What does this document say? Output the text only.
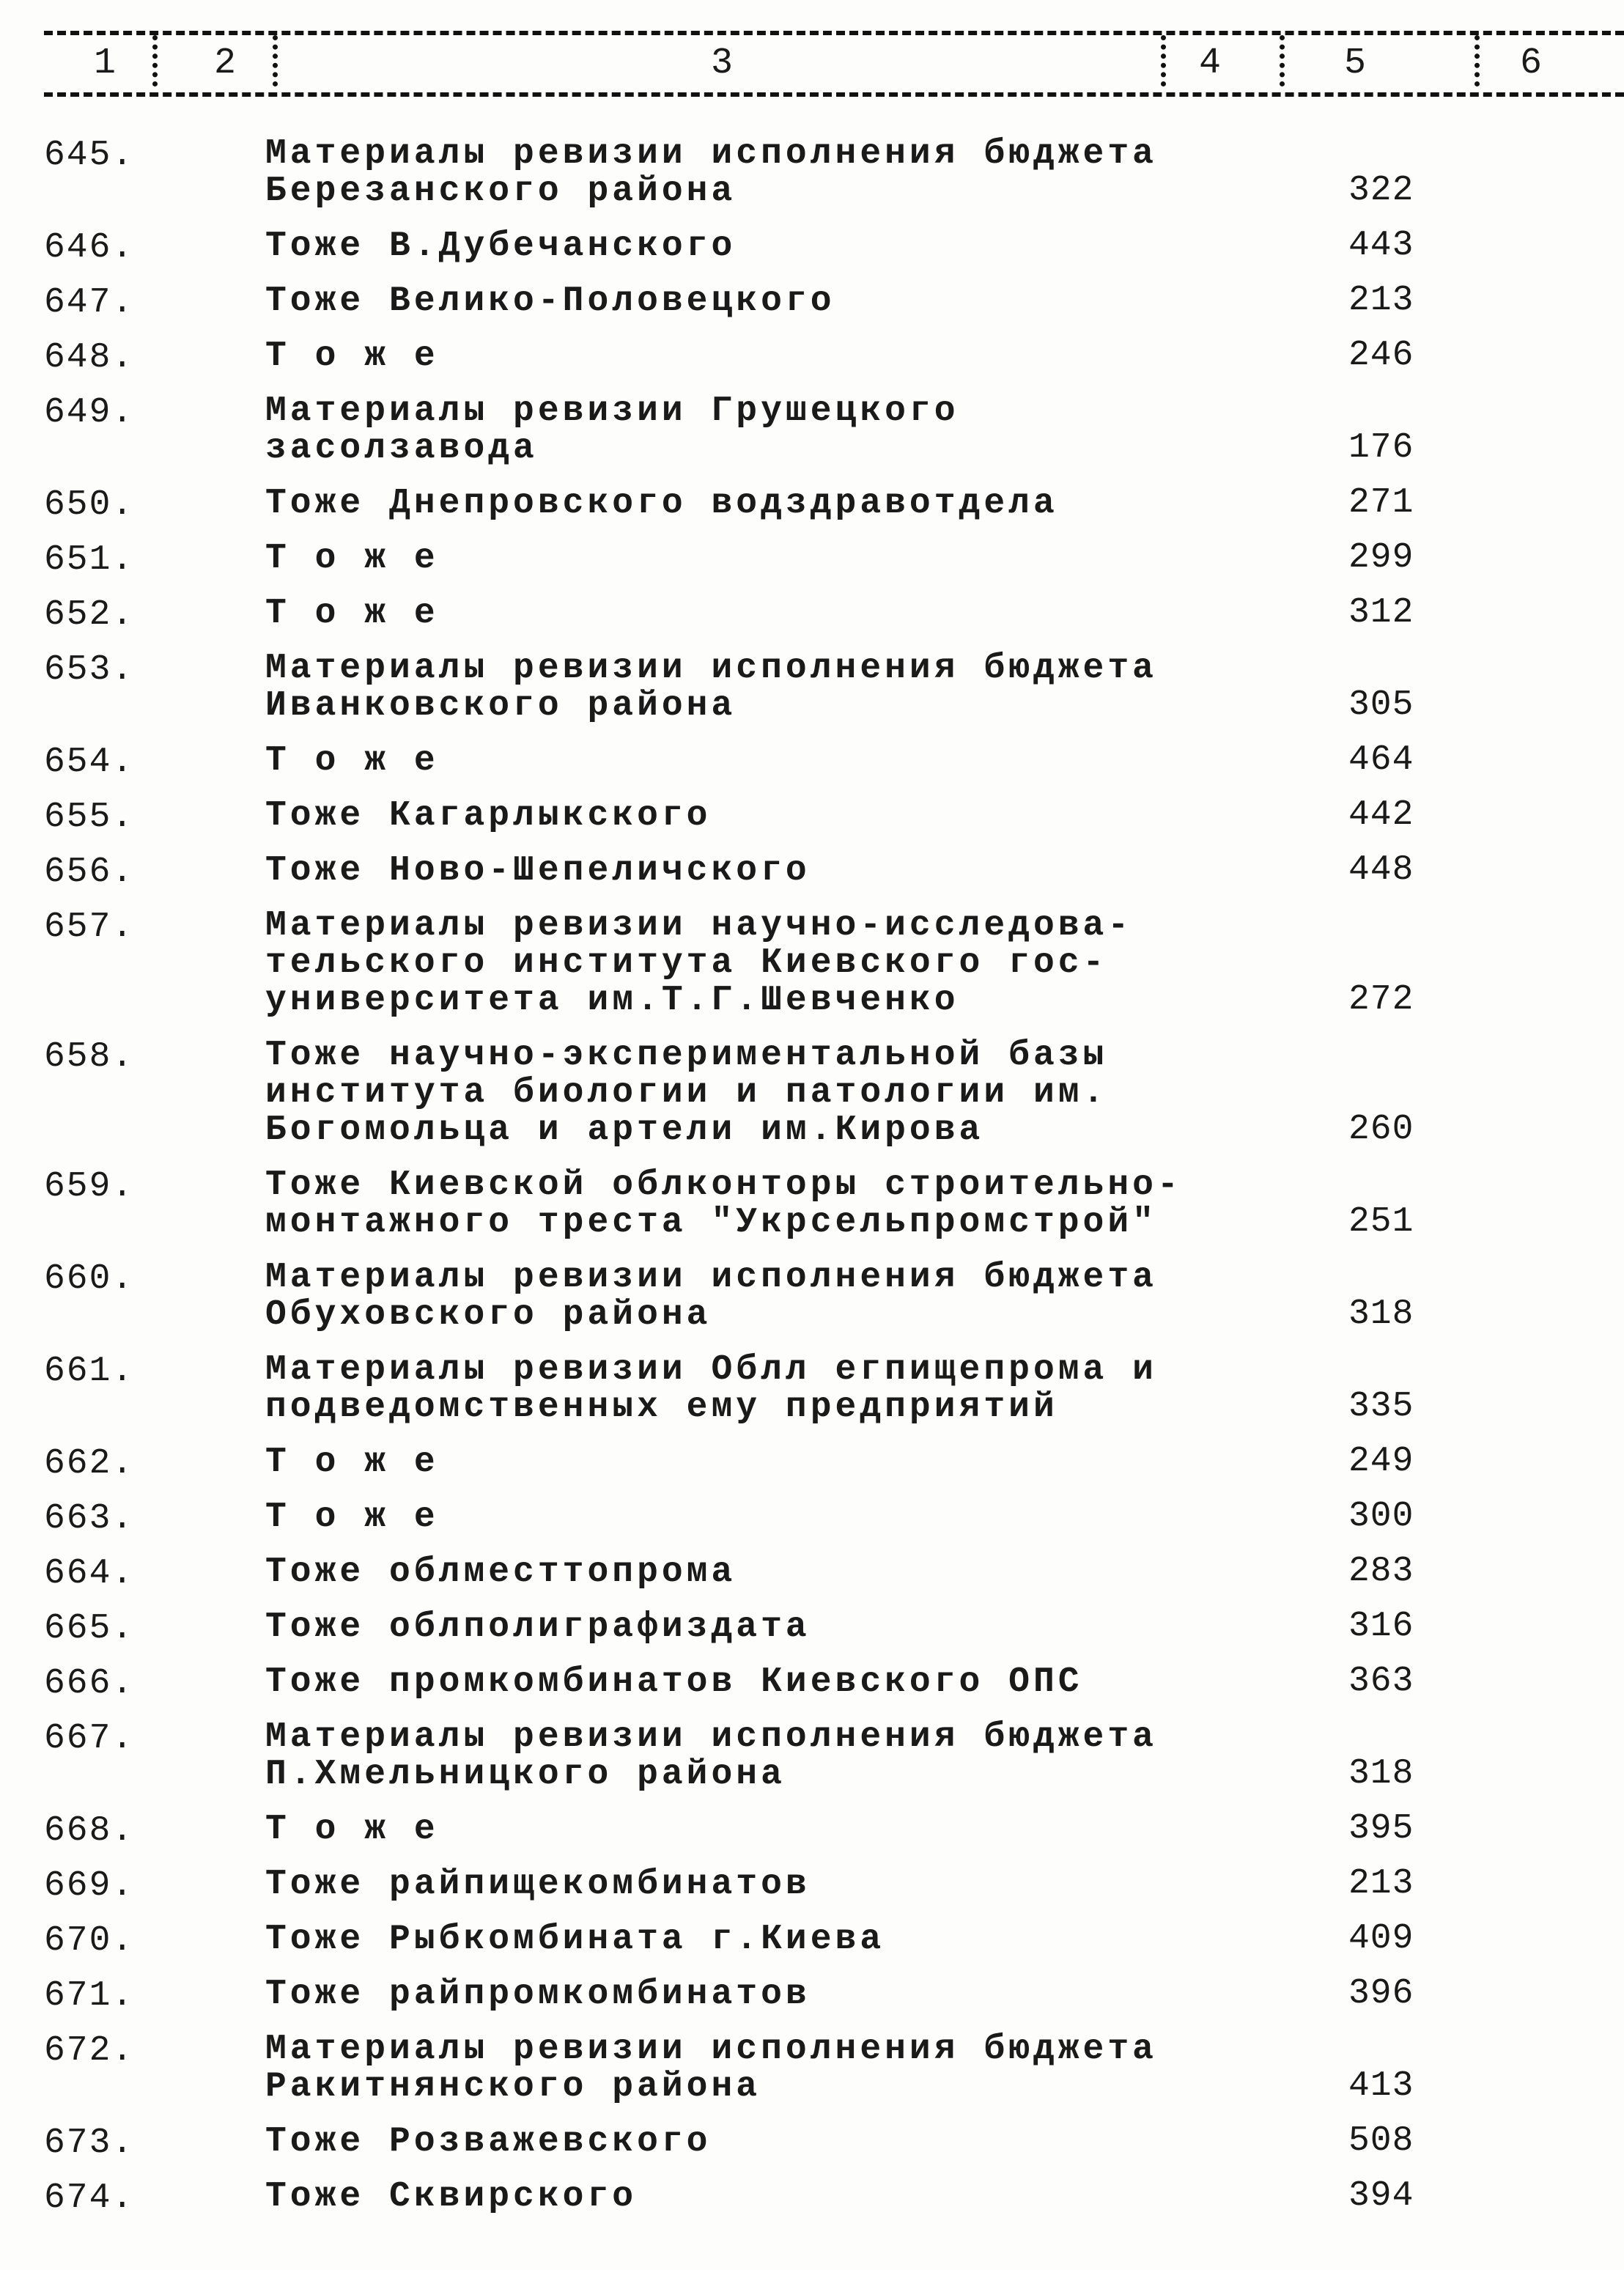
1	2	3	4	5	6
645.	Материалы ревизии исполнения бюджета
Березанского района	322
646.	Тоже В.Дубечанского	443
647.	Тоже Велико-Половецкого	213
648.	Т о ж е	246
649.	Материалы ревизии Грушецкого
засолзавода	176
650.	Тоже Днепровского водздравотдела	271
651.	Т о ж е	299
652.	Т о ж е	312
653.	Материалы ревизии исполнения бюджета
Иванковского района	305
654.	Т о ж е	464
655.	Тоже Кагарлыкского	442
656.	Тоже Ново-Шепеличского	448
657.	Материалы ревизии научно-исследова-
тельского института Киевского гос-
университета им.Т.Г.Шевченко	272
658.	Тоже научно-экспериментальной базы
института биологии и патологии им.
Богомольца и артели им.Кирова	260
659.	Тоже Киевской облконторы строительно-
монтажного треста "Укрсельпромстрой"	251
660.	Материалы ревизии исполнения бюджета
Обуховского района	318
661.	Материалы ревизии Облл егпищепрома и
подведомственных ему предприятий	335
662.	Т о ж е	249
663.	Т о ж е	300
664.	Тоже облместтопрома	283
665.	Тоже облполиграфиздата	316
666.	Тоже промкомбинатов Киевского ОПС	363
667.	Материалы ревизии исполнения бюджета
П.Хмельницкого района	318
668.	Т о ж е	395
669.	Тоже райпищекомбинатов	213
670.	Тоже Рыбкомбината г.Киева	409
671.	Тоже райпромкомбинатов	396
672.	Материалы ревизии исполнения бюджета
Ракитнянского района	413
673.	Тоже Розважевского	508
674.	Тоже Сквирского	394
